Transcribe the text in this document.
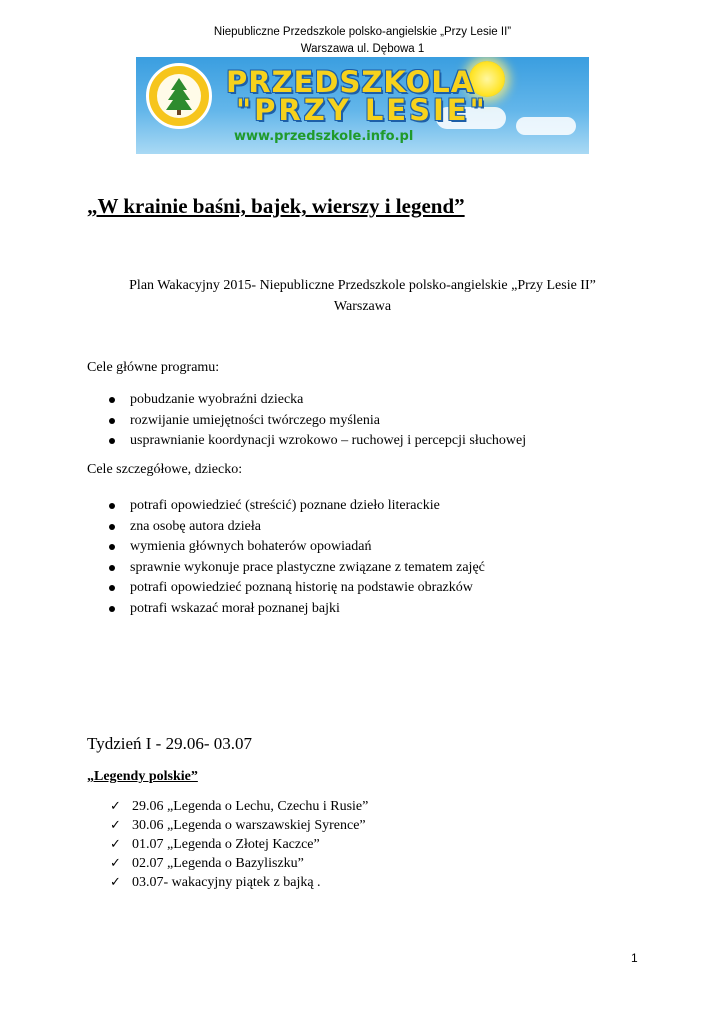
Niepubliczne Przedszkole polsko-angielskie „Przy Lesie II”
Warszawa ul. Dębowa 1
PRZEDSZKOLA
"PRZY LESIE"
www.przedszkole.info.pl
„W krainie baśni, bajek, wierszy i legend”
Plan Wakacyjny 2015- Niepubliczne Przedszkole polsko-angielskie „Przy Lesie II”
Warszawa
Cele główne programu:
pobudzanie wyobraźni dziecka
rozwijanie umiejętności twórczego myślenia
usprawnianie koordynacji wzrokowo – ruchowej i percepcji słuchowej
Cele szczegółowe, dziecko:
potrafi opowiedzieć (streścić) poznane dzieło literackie
zna osobę autora dzieła
wymienia głównych bohaterów opowiadań
sprawnie wykonuje prace plastyczne związane z tematem zajęć
potrafi opowiedzieć poznaną historię na podstawie obrazków
potrafi wskazać morał poznanej bajki
Tydzień I - 29.06- 03.07
„Legendy polskie”
✓ 29.06 „Legenda o Lechu, Czechu i Rusie”
✓ 30.06 „Legenda o warszawskiej Syrence”
✓ 01.07 „Legenda o Złotej Kaczce”
✓ 02.07 „Legenda o Bazyliszku”
✓ 03.07- wakacyjny piątek z bajką .
1
